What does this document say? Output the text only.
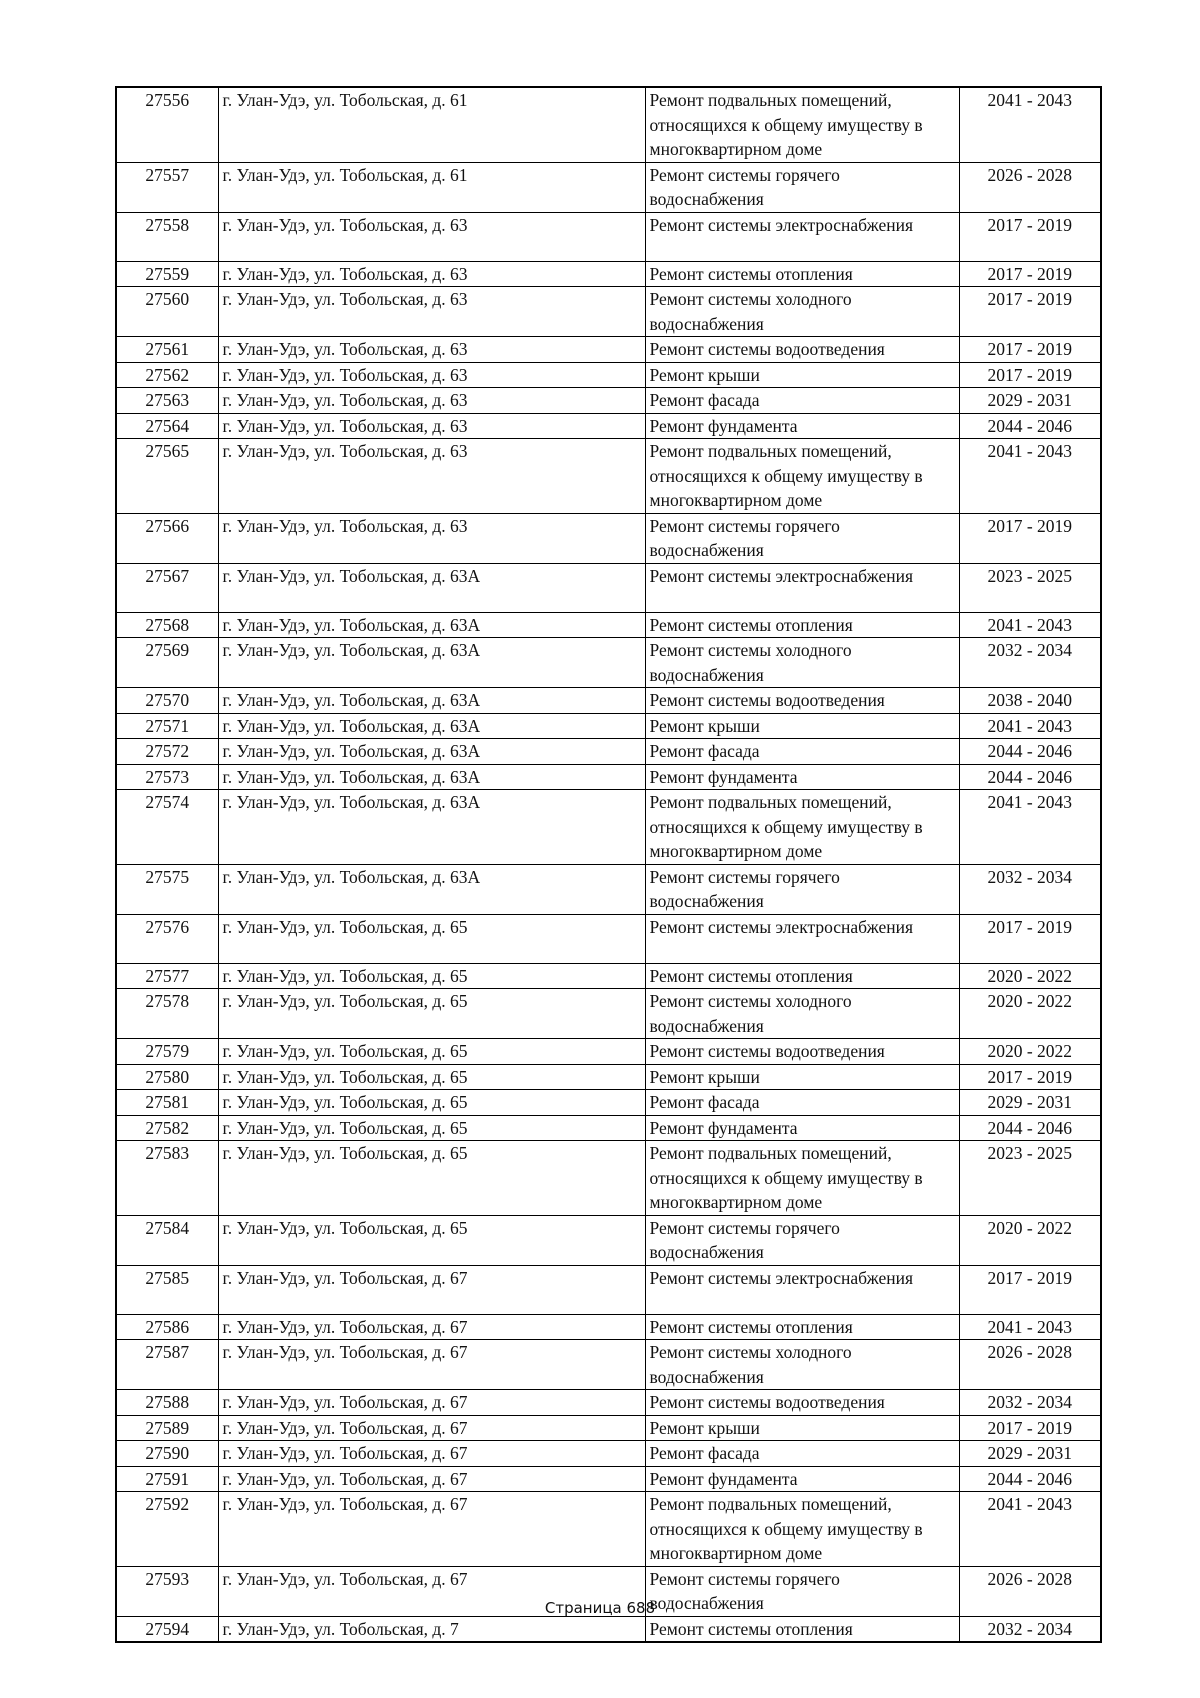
27556	г. Улан-Удэ, ул. Тобольская, д. 61	Ремонт подвальных помещений, относящихся к общему имуществу в многоквартирном доме	2041 - 2043
27557	г. Улан-Удэ, ул. Тобольская, д. 61	Ремонт системы горячего водоснабжения	2026 - 2028
27558	г. Улан-Удэ, ул. Тобольская, д. 63	Ремонт системы электроснабжения	2017 - 2019
27559	г. Улан-Удэ, ул. Тобольская, д. 63	Ремонт системы отопления	2017 - 2019
27560	г. Улан-Удэ, ул. Тобольская, д. 63	Ремонт системы холодного водоснабжения	2017 - 2019
27561	г. Улан-Удэ, ул. Тобольская, д. 63	Ремонт системы водоотведения	2017 - 2019
27562	г. Улан-Удэ, ул. Тобольская, д. 63	Ремонт крыши	2017 - 2019
27563	г. Улан-Удэ, ул. Тобольская, д. 63	Ремонт фасада	2029 - 2031
27564	г. Улан-Удэ, ул. Тобольская, д. 63	Ремонт фундамента	2044 - 2046
27565	г. Улан-Удэ, ул. Тобольская, д. 63	Ремонт подвальных помещений, относящихся к общему имуществу в многоквартирном доме	2041 - 2043
27566	г. Улан-Удэ, ул. Тобольская, д. 63	Ремонт системы горячего водоснабжения	2017 - 2019
27567	г. Улан-Удэ, ул. Тобольская, д. 63А	Ремонт системы электроснабжения	2023 - 2025
27568	г. Улан-Удэ, ул. Тобольская, д. 63А	Ремонт системы отопления	2041 - 2043
27569	г. Улан-Удэ, ул. Тобольская, д. 63А	Ремонт системы холодного водоснабжения	2032 - 2034
27570	г. Улан-Удэ, ул. Тобольская, д. 63А	Ремонт системы водоотведения	2038 - 2040
27571	г. Улан-Удэ, ул. Тобольская, д. 63А	Ремонт крыши	2041 - 2043
27572	г. Улан-Удэ, ул. Тобольская, д. 63А	Ремонт фасада	2044 - 2046
27573	г. Улан-Удэ, ул. Тобольская, д. 63А	Ремонт фундамента	2044 - 2046
27574	г. Улан-Удэ, ул. Тобольская, д. 63А	Ремонт подвальных помещений, относящихся к общему имуществу в многоквартирном доме	2041 - 2043
27575	г. Улан-Удэ, ул. Тобольская, д. 63А	Ремонт системы горячего водоснабжения	2032 - 2034
27576	г. Улан-Удэ, ул. Тобольская, д. 65	Ремонт системы электроснабжения	2017 - 2019
27577	г. Улан-Удэ, ул. Тобольская, д. 65	Ремонт системы отопления	2020 - 2022
27578	г. Улан-Удэ, ул. Тобольская, д. 65	Ремонт системы холодного водоснабжения	2020 - 2022
27579	г. Улан-Удэ, ул. Тобольская, д. 65	Ремонт системы водоотведения	2020 - 2022
27580	г. Улан-Удэ, ул. Тобольская, д. 65	Ремонт крыши	2017 - 2019
27581	г. Улан-Удэ, ул. Тобольская, д. 65	Ремонт фасада	2029 - 2031
27582	г. Улан-Удэ, ул. Тобольская, д. 65	Ремонт фундамента	2044 - 2046
27583	г. Улан-Удэ, ул. Тобольская, д. 65	Ремонт подвальных помещений, относящихся к общему имуществу в многоквартирном доме	2023 - 2025
27584	г. Улан-Удэ, ул. Тобольская, д. 65	Ремонт системы горячего водоснабжения	2020 - 2022
27585	г. Улан-Удэ, ул. Тобольская, д. 67	Ремонт системы электроснабжения	2017 - 2019
27586	г. Улан-Удэ, ул. Тобольская, д. 67	Ремонт системы отопления	2041 - 2043
27587	г. Улан-Удэ, ул. Тобольская, д. 67	Ремонт системы холодного водоснабжения	2026 - 2028
27588	г. Улан-Удэ, ул. Тобольская, д. 67	Ремонт системы водоотведения	2032 - 2034
27589	г. Улан-Удэ, ул. Тобольская, д. 67	Ремонт крыши	2017 - 2019
27590	г. Улан-Удэ, ул. Тобольская, д. 67	Ремонт фасада	2029 - 2031
27591	г. Улан-Удэ, ул. Тобольская, д. 67	Ремонт фундамента	2044 - 2046
27592	г. Улан-Удэ, ул. Тобольская, д. 67	Ремонт подвальных помещений, относящихся к общему имуществу в многоквартирном доме	2041 - 2043
27593	г. Улан-Удэ, ул. Тобольская, д. 67	Ремонт системы горячего водоснабжения	2026 - 2028
27594	г. Улан-Удэ, ул. Тобольская, д. 7	Ремонт системы отопления	2032 - 2034
Страница 688
